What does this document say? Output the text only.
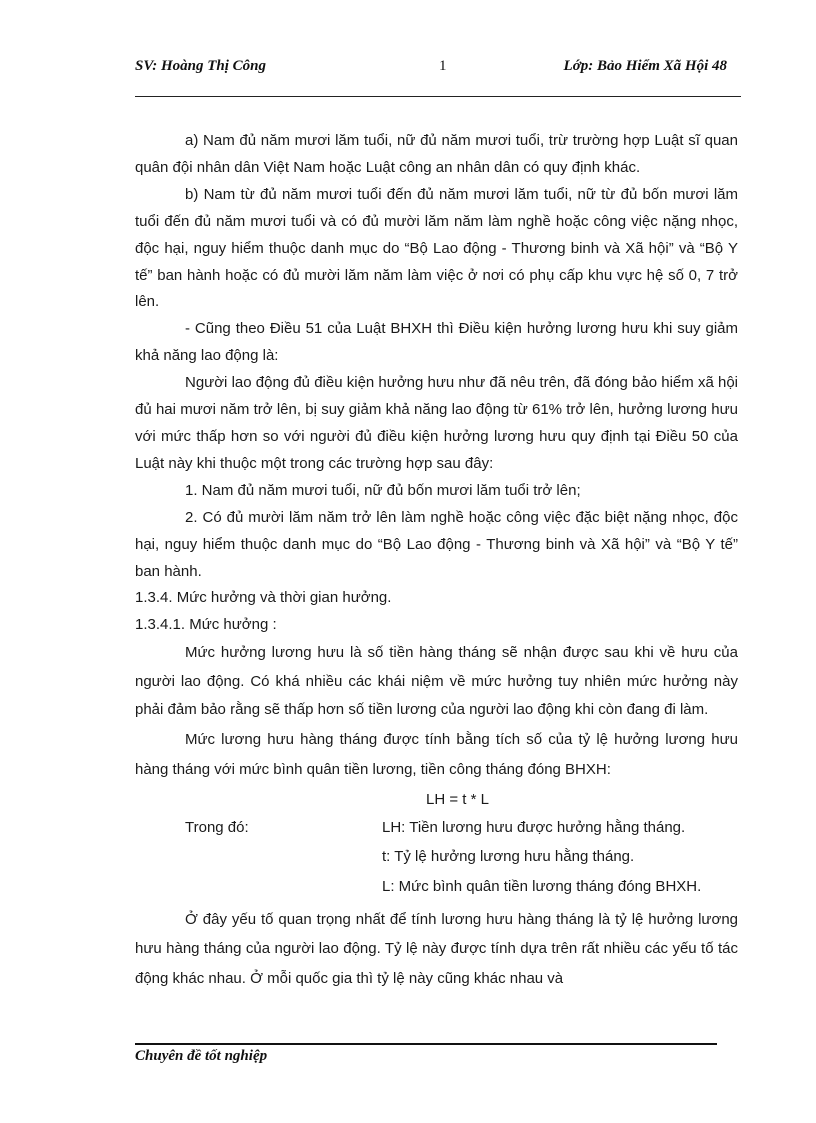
SV: Hoàng Thị Công	1	Lớp: Bảo Hiểm Xã Hội 48

a) Nam đủ năm mươi lăm tuổi, nữ đủ năm mươi tuổi, trừ trường hợp Luật sĩ quan quân đội nhân dân Việt Nam hoặc Luật công an nhân dân có quy định khác.

b) Nam từ đủ năm mươi tuổi đến đủ năm mươi lăm tuổi, nữ từ đủ bốn mươi lăm tuổi đến đủ năm mươi tuổi và có đủ mười lăm năm làm nghề hoặc công việc nặng nhọc, độc hại, nguy hiểm thuộc danh mục do “Bộ Lao động - Thương binh và Xã hội” và “Bộ Y tế” ban hành hoặc có đủ mười lăm năm làm việc ở nơi có phụ cấp khu vực hệ số 0, 7 trở lên.

- Cũng theo Điều 51 của Luật BHXH thì Điều kiện hưởng lương hưu khi suy giảm khả năng lao động là:

Người lao động đủ điều kiện hưởng hưu như đã nêu trên, đã đóng bảo hiểm xã hội đủ hai mươi năm trở lên, bị suy giảm khả năng lao động từ 61% trở lên, hưởng lương hưu với mức thấp hơn so với người đủ điều kiện hưởng lương hưu quy định tại Điều 50 của Luật này khi thuộc một trong các trường hợp sau đây:

1. Nam đủ năm mươi tuổi, nữ đủ bốn mươi lăm tuổi trở lên;

2. Có đủ mười lăm năm trở lên làm nghề hoặc công việc đặc biệt nặng nhọc, độc hại, nguy hiểm thuộc danh mục do “Bộ Lao động - Thương binh và Xã hội” và “Bộ Y tế” ban hành.

1.3.4. Mức hưởng và thời gian hưởng.

1.3.4.1. Mức hưởng :

Mức hưởng lương hưu là số tiền hàng tháng sẽ nhận được sau khi về hưu của người lao động. Có khá nhiều các khái niệm về mức hưởng tuy nhiên mức hưởng này phải đảm bảo rằng sẽ thấp hơn số tiền lương của người lao động khi còn đang đi làm.

Mức lương hưu hàng tháng được tính bằng tích số của tỷ lệ hưởng lương hưu hàng tháng với mức bình quân tiền lương, tiền công tháng đóng BHXH:

LH = t * L

Trong đó:	LH: Tiền lương hưu được hưởng hằng tháng.
t: Tỷ lệ hưởng lương hưu hằng tháng.
L: Mức bình quân tiền lương tháng đóng BHXH.

Ở đây yếu tố quan trọng nhất để tính lương hưu hàng tháng là tỷ lệ hưởng lương hưu hàng tháng của người lao động. Tỷ lệ này được tính dựa trên rất nhiều các yếu tố tác động khác nhau. Ở mỗi quốc gia thì tỷ lệ này cũng khác nhau và

Chuyên đề tốt nghiệp
